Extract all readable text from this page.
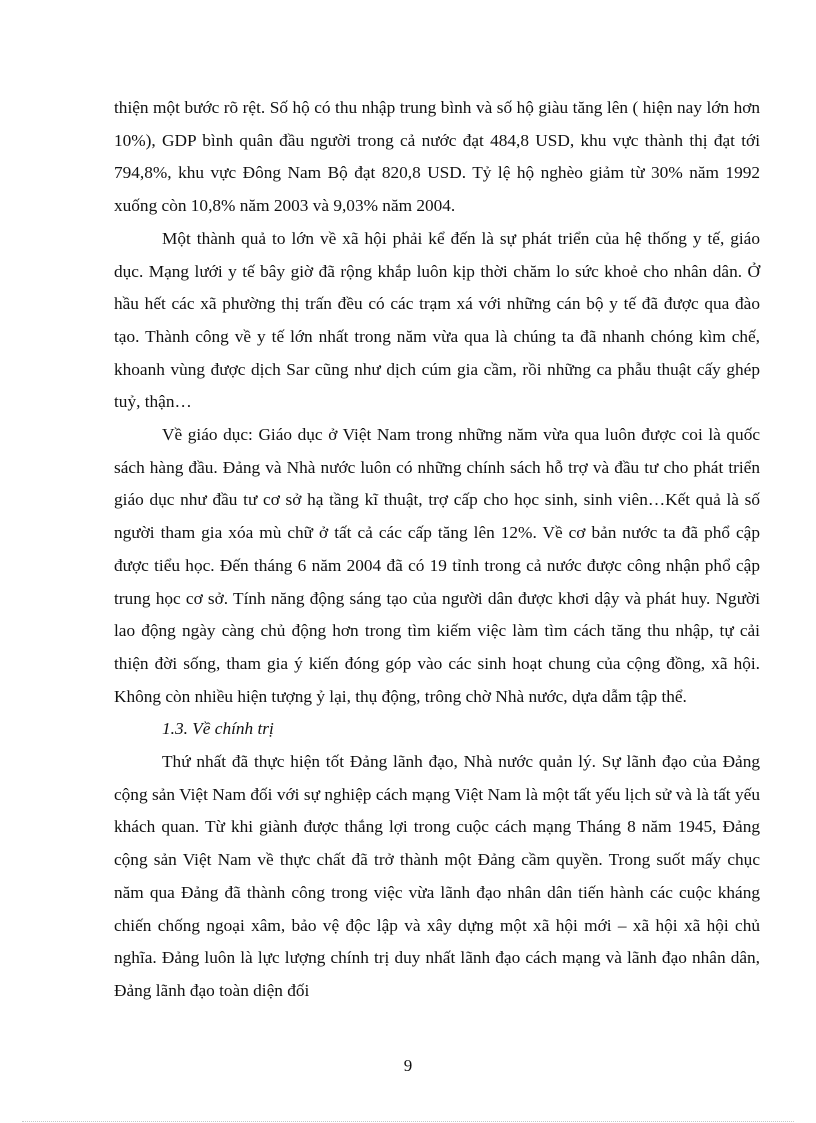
thiện một bước rõ rệt. Số hộ có thu nhập trung bình và số hộ giàu tăng lên ( hiện nay lớn hơn 10%), GDP bình quân đầu người trong cả nước đạt 484,8 USD, khu vực thành thị đạt tới 794,8%, khu vực Đông Nam Bộ đạt 820,8 USD. Tỷ lệ hộ nghèo giảm từ 30% năm 1992 xuống còn 10,8% năm 2003 và 9,03% năm 2004.

Một thành quả to lớn về xã hội phải kể đến là sự phát triển của hệ thống y tế, giáo dục. Mạng lưới y tế bây giờ đã rộng khắp luôn kịp thời chăm lo sức khoẻ cho nhân dân. Ở hầu hết các xã phường thị trấn đều có các trạm xá với những cán bộ y tế đã được qua đào tạo. Thành công về y tế lớn nhất trong năm vừa qua là chúng ta đã nhanh chóng kìm chế, khoanh vùng được dịch Sar cũng như dịch cúm gia cầm, rồi những ca phẫu thuật cấy ghép tuỷ, thận…

Về giáo dục: Giáo dục ở Việt Nam trong những năm vừa qua luôn được coi là quốc sách hàng đầu. Đảng và Nhà nước luôn có những chính sách hỗ trợ và đầu tư cho phát triển giáo dục như đầu tư cơ sở hạ tầng kĩ thuật, trợ cấp cho học sinh, sinh viên…Kết quả là số người tham gia xóa mù chữ ở tất cả các cấp tăng lên 12%. Về cơ bản nước ta đã phổ cập được tiểu học. Đến tháng 6 năm 2004 đã có 19 tỉnh trong cả nước được công nhận phổ cập trung học cơ sở. Tính năng động sáng tạo của người dân được khơi dậy và phát huy. Người lao động ngày càng chủ động hơn trong tìm kiếm việc làm tìm cách tăng thu nhập, tự cải thiện đời sống, tham gia ý kiến đóng góp vào các sinh hoạt chung của cộng đồng, xã hội. Không còn nhiều hiện tượng ỷ lại, thụ động, trông chờ Nhà nước, dựa dẫm tập thể.

1.3. Về chính trị

Thứ nhất đã thực hiện tốt Đảng lãnh đạo, Nhà nước quản lý. Sự lãnh đạo của Đảng cộng sản Việt Nam đối với sự nghiệp cách mạng Việt Nam là một tất yếu lịch sử và là tất yếu khách quan. Từ khi giành được thắng lợi trong cuộc cách mạng Tháng 8 năm 1945, Đảng cộng sản Việt Nam về thực chất đã trở thành một Đảng cầm quyền. Trong suốt mấy chục năm qua Đảng đã thành công trong việc vừa lãnh đạo nhân dân tiến hành các cuộc kháng chiến chống ngoại xâm, bảo vệ độc lập và xây dựng một xã hội mới – xã hội xã hội chủ nghĩa. Đảng luôn là lực lượng chính trị duy nhất lãnh đạo cách mạng và lãnh đạo nhân dân, Đảng lãnh đạo toàn diện đối

9
